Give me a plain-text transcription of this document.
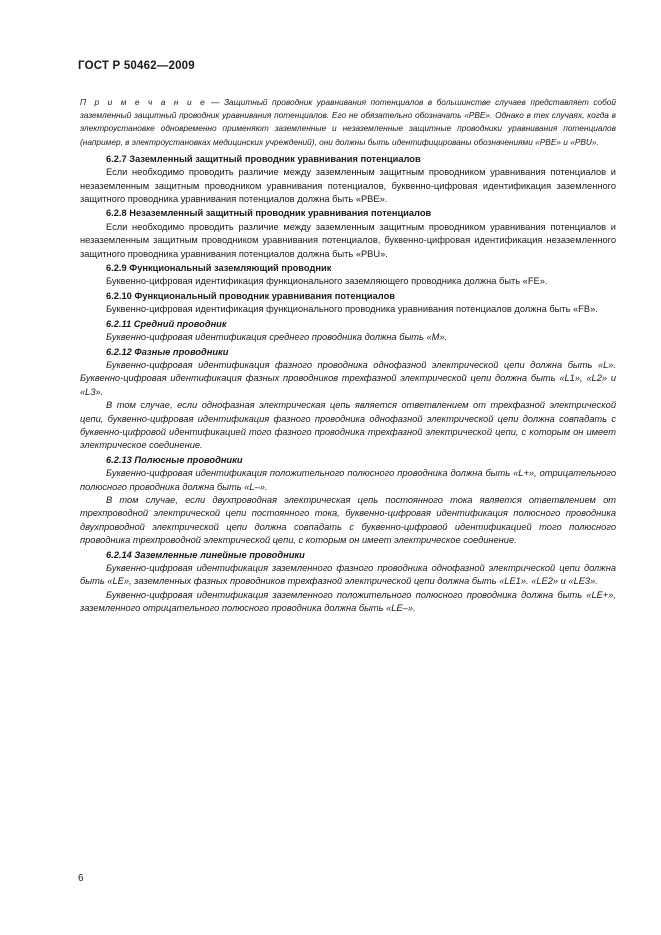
ГОСТ Р 50462—2009

П р и м е ч а н и е — Защитный проводник уравнивания потенциалов в большинстве случаев представляет собой заземленный защитный проводник уравнивания потенциалов. Его не обязательно обозначать «PBE». Однако в тех случаях, когда в электроустановке одновременно применяют заземленные и незаземленные защитные проводники уравнивания потенциалов (например, в электроустановках медицинских учреждений), они должны быть идентифицированы обозначениями «PBE» и «PBU».

6.2.7 Заземленный защитный проводник уравнивания потенциалов

Если необходимо проводить различие между заземленным защитным проводником уравнивания потенциалов и незаземленным защитным проводником уравнивания потенциалов, буквенно-цифровая идентификация заземленного защитного проводника уравнивания потенциалов должна быть «PBE».

6.2.8 Незаземленный защитный проводник уравнивания потенциалов

Если необходимо проводить различие между заземленным защитным проводником уравнивания потенциалов и незаземленным защитным проводником уравнивания потенциалов, буквенно-цифровая идентификация незаземленного защитного проводника уравнивания потенциалов должна быть «PBU».

6.2.9 Функциональный заземляющий проводник

Буквенно-цифровая идентификация функционального заземляющего проводника должна быть «FE».

6.2.10 Функциональный проводник уравнивания потенциалов

Буквенно-цифровая идентификация функционального проводника уравнивания потенциалов должна быть «FB».

6.2.11 Средний проводник

Буквенно-цифровая идентификация среднего проводника должна быть «M».

6.2.12 Фазные проводники

Буквенно-цифровая идентификация фазного проводника однофазной электрической цепи должна быть «L». Буквенно-цифровая идентификация фазных проводников трехфазной электрической цепи должна быть «L1», «L2» и «L3».

В том случае, если однофазная электрическая цепь является ответвлением от трехфазной электрической цепи, буквенно-цифровая идентификация фазного проводника однофазной электрической цепи должна совпадать с буквенно-цифровой идентификацией того фазного проводника трехфазной электрической цепи, с которым он имеет электрическое соединение.

6.2.13 Полюсные проводники

Буквенно-цифровая идентификация положительного полюсного проводника должна быть «L+», отрицательного полюсного проводника должна быть «L–».

В том случае, если двухпроводная электрическая цепь постоянного тока является ответвлением от трехпроводной электрической цепи постоянного тока, буквенно-цифровая идентификация полюсного проводника двухпроводной электрической цепи должна совпадать с буквенно-цифровой идентификацией того полюсного проводника трехпроводной электрической цепи, с которым он имеет электрическое соединение.

6.2.14 Заземленные линейные проводники

Буквенно-цифровая идентификация заземленного фазного проводника однофазной электрической цепи должна быть «LE», заземленных фазных проводников трехфазной электрической цепи должна быть «LE1». «LE2» и «LE3».

Буквенно-цифровая идентификация заземленного положительного полюсного проводника должна быть «LE+», заземленного отрицательного полюсного проводника должна быть «LE–».

6
